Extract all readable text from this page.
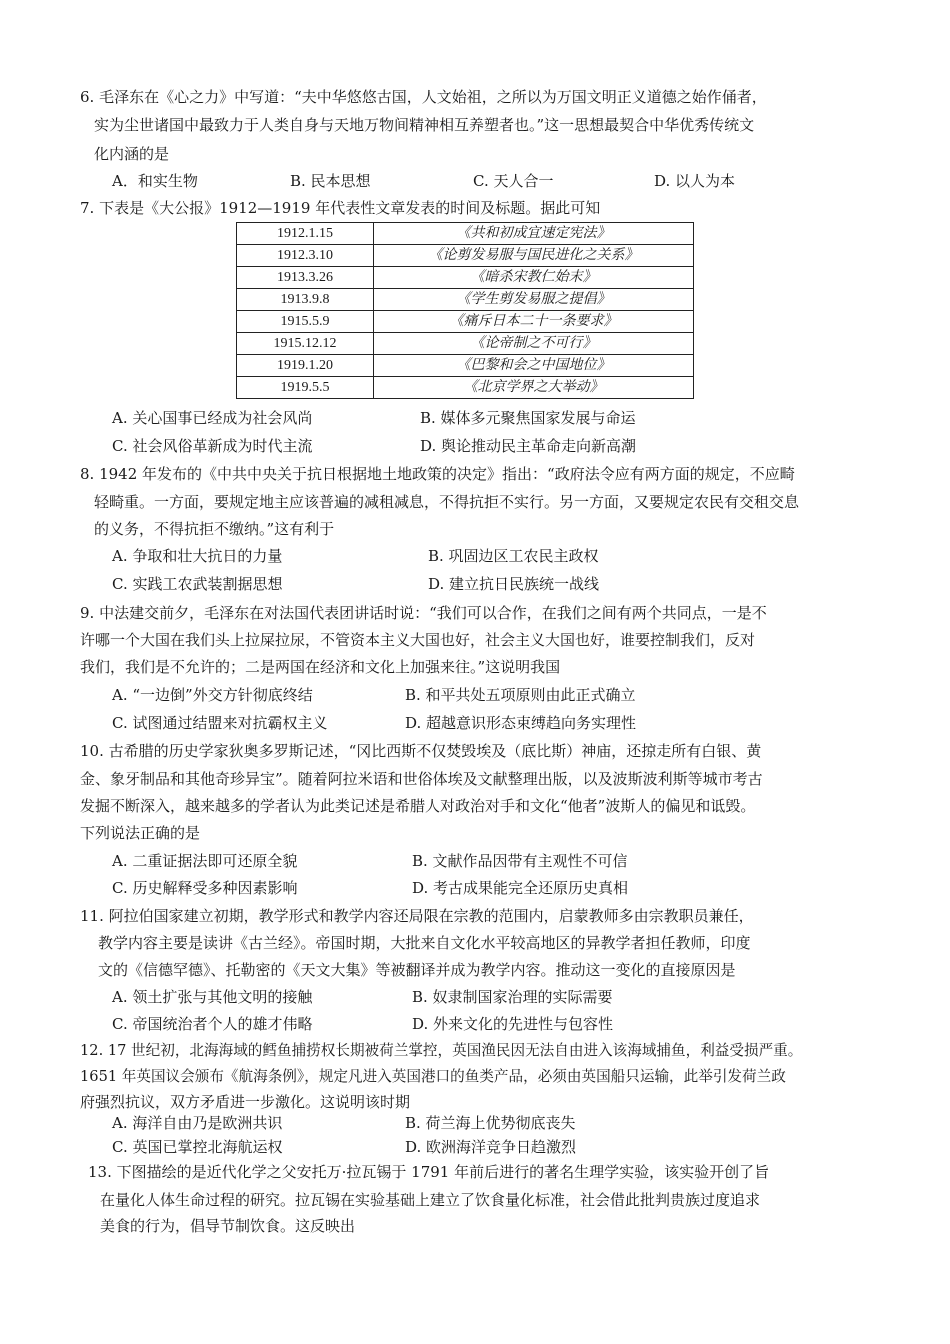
6. 毛泽东在《心之力》中写道：“夫中华悠悠古国，人文始祖，之所以为万国文明正义道德之始作俑者，
实为尘世诸国中最致力于人类自身与天地万物间精神相互养塑者也。”这一思想最契合中华优秀传统文
化内涵的是
A．和实生物	B. 民本思想	C. 天人合一	D. 以人为本
7. 下表是《大公报》1912—1919 年代表性文章发表的时间及标题。据此可知
1912.1.15	《共和初成宜速定宪法》
1912.3.10	《论剪发易服与国民进化之关系》
1913.3.26	《暗杀宋教仁始末》
1913.9.8	《学生剪发易服之提倡》
1915.5.9	《痛斥日本二十一条要求》
1915.12.12	《论帝制之不可行》
1919.1.20	《巴黎和会之中国地位》
1919.5.5	《北京学界之大举动》
A. 关心国事已经成为社会风尚	B. 媒体多元聚焦国家发展与命运
C. 社会风俗革新成为时代主流	D. 舆论推动民主革命走向新高潮
8. 1942 年发布的《中共中央关于抗日根据地土地政策的决定》指出：“政府法令应有两方面的规定，不应畸
轻畸重。一方面，要规定地主应该普遍的减租减息，不得抗拒不实行。另一方面，又要规定农民有交租交息
的义务，不得抗拒不缴纳。”这有利于
A. 争取和壮大抗日的力量	B. 巩固边区工农民主政权
C. 实践工农武装割据思想	D. 建立抗日民族统一战线
9. 中法建交前夕，毛泽东在对法国代表团讲话时说：“我们可以合作，在我们之间有两个共同点，一是不
许哪一个大国在我们头上拉屎拉尿，不管资本主义大国也好，社会主义大国也好，谁要控制我们，反对
我们，我们是不允许的；二是两国在经济和文化上加强来往。”这说明我国
A. “一边倒”外交方针彻底终结	B. 和平共处五项原则由此正式确立
C. 试图通过结盟来对抗霸权主义	D. 超越意识形态束缚趋向务实理性
10. 古希腊的历史学家狄奥多罗斯记述，“冈比西斯不仅焚毁埃及（底比斯）神庙，还掠走所有白银、黄
金、象牙制品和其他奇珍异宝”。随着阿拉米语和世俗体埃及文献整理出版，以及波斯波利斯等城市考古
发掘不断深入，越来越多的学者认为此类记述是希腊人对政治对手和文化“他者”波斯人的偏见和诋毁。
下列说法正确的是
A. 二重证据法即可还原全貌	B. 文献作品因带有主观性不可信
C. 历史解释受多种因素影响	D. 考古成果能完全还原历史真相
11. 阿拉伯国家建立初期，教学形式和教学内容还局限在宗教的范围内，启蒙教师多由宗教职员兼任，
教学内容主要是读讲《古兰经》。帝国时期，大批来自文化水平较高地区的异教学者担任教师，印度
文的《信德罕德》、托勒密的《天文大集》等被翻译并成为教学内容。推动这一变化的直接原因是
A. 领土扩张与其他文明的接触	B. 奴隶制国家治理的实际需要
C. 帝国统治者个人的雄才伟略	D. 外来文化的先进性与包容性
12. 17 世纪初，北海海域的鳕鱼捕捞权长期被荷兰掌控，英国渔民因无法自由进入该海域捕鱼，利益受损严重。
1651 年英国议会颁布《航海条例》，规定凡进入英国港口的鱼类产品，必须由英国船只运输，此举引发荷兰政
府强烈抗议，双方矛盾进一步激化。这说明该时期
A. 海洋自由乃是欧洲共识	B. 荷兰海上优势彻底丧失
C. 英国已掌控北海航运权	D. 欧洲海洋竞争日趋激烈
13. 下图描绘的是近代化学之父安托万·拉瓦锡于 1791 年前后进行的著名生理学实验，该实验开创了旨
在量化人体生命过程的研究。拉瓦锡在实验基础上建立了饮食量化标准，社会借此批判贵族过度追求
美食的行为，倡导节制饮食。这反映出
